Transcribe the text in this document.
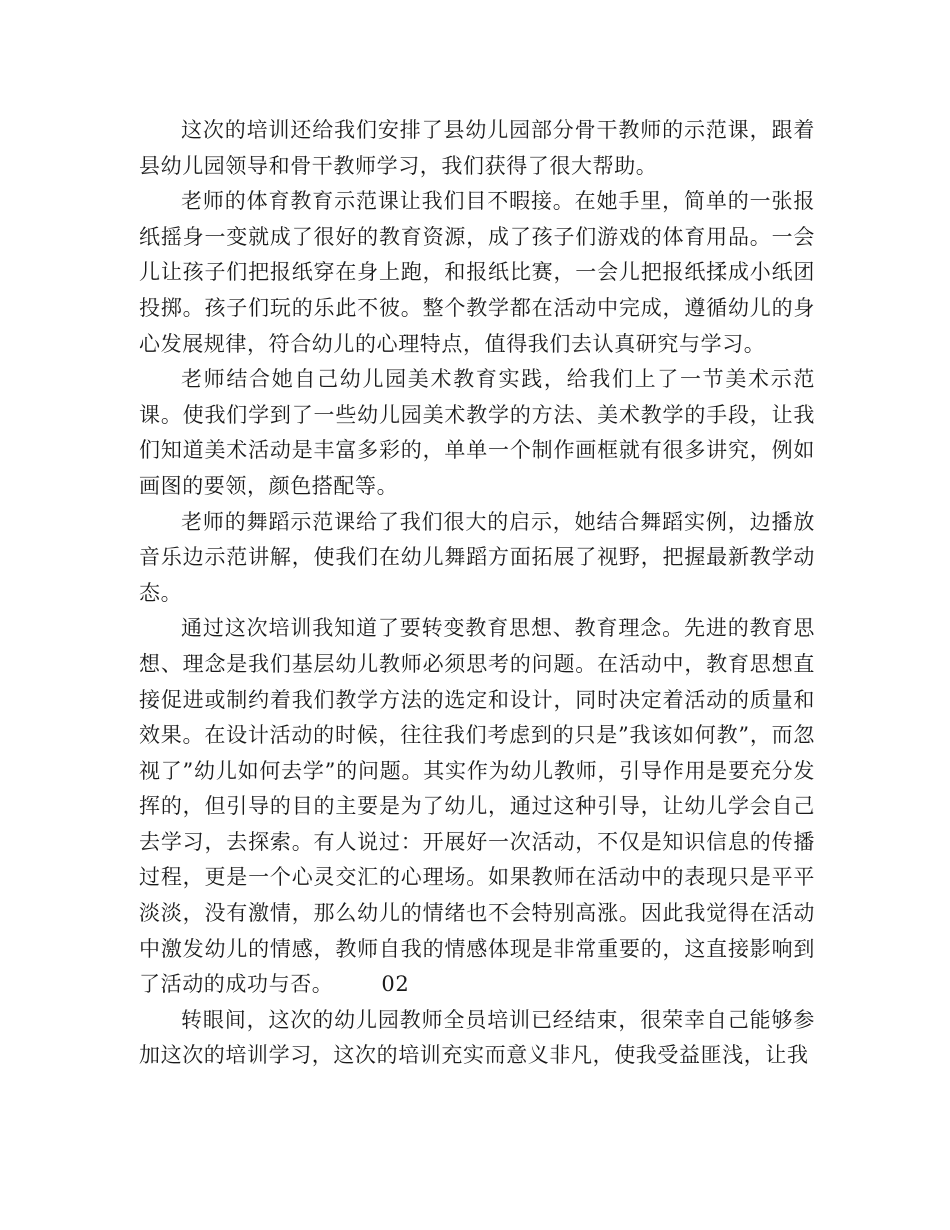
这次的培训还给我们安排了县幼儿园部分骨干教师的示范课，跟着县幼儿园领导和骨干教师学习，我们获得了很大帮助。

老师的体育教育示范课让我们目不暇接。在她手里，简单的一张报纸摇身一变就成了很好的教育资源，成了孩子们游戏的体育用品。一会儿让孩子们把报纸穿在身上跑，和报纸比赛，一会儿把报纸揉成小纸团投掷。孩子们玩的乐此不彼。整个教学都在活动中完成，遵循幼儿的身心发展规律，符合幼儿的心理特点，值得我们去认真研究与学习。

老师结合她自己幼儿园美术教育实践，给我们上了一节美术示范课。使我们学到了一些幼儿园美术教学的方法、美术教学的手段，让我们知道美术活动是丰富多彩的，单单一个制作画框就有很多讲究，例如画图的要领，颜色搭配等。

老师的舞蹈示范课给了我们很大的启示，她结合舞蹈实例，边播放音乐边示范讲解，使我们在幼儿舞蹈方面拓展了视野，把握最新教学动态。

通过这次培训我知道了要转变教育思想、教育理念。先进的教育思想、理念是我们基层幼儿教师必须思考的问题。在活动中，教育思想直接促进或制约着我们教学方法的选定和设计，同时决定着活动的质量和效果。在设计活动的时候，往往我们考虑到的只是”我该如何教”，而忽视了”幼儿如何去学”的问题。其实作为幼儿教师，引导作用是要充分发挥的，但引导的目的主要是为了幼儿，通过这种引导，让幼儿学会自己去学习，去探索。有人说过：开展好一次活动，不仅是知识信息的传播过程，更是一个心灵交汇的心理场。如果教师在活动中的表现只是平平淡淡，没有激情，那么幼儿的情绪也不会特别高涨。因此我觉得在活动中激发幼儿的情感，教师自我的情感体现是非常重要的，这直接影响到了活动的成功与否。 02

转眼间，这次的幼儿园教师全员培训已经结束，很荣幸自己能够参加这次的培训学习，这次的培训充实而意义非凡，使我受益匪浅，让我
